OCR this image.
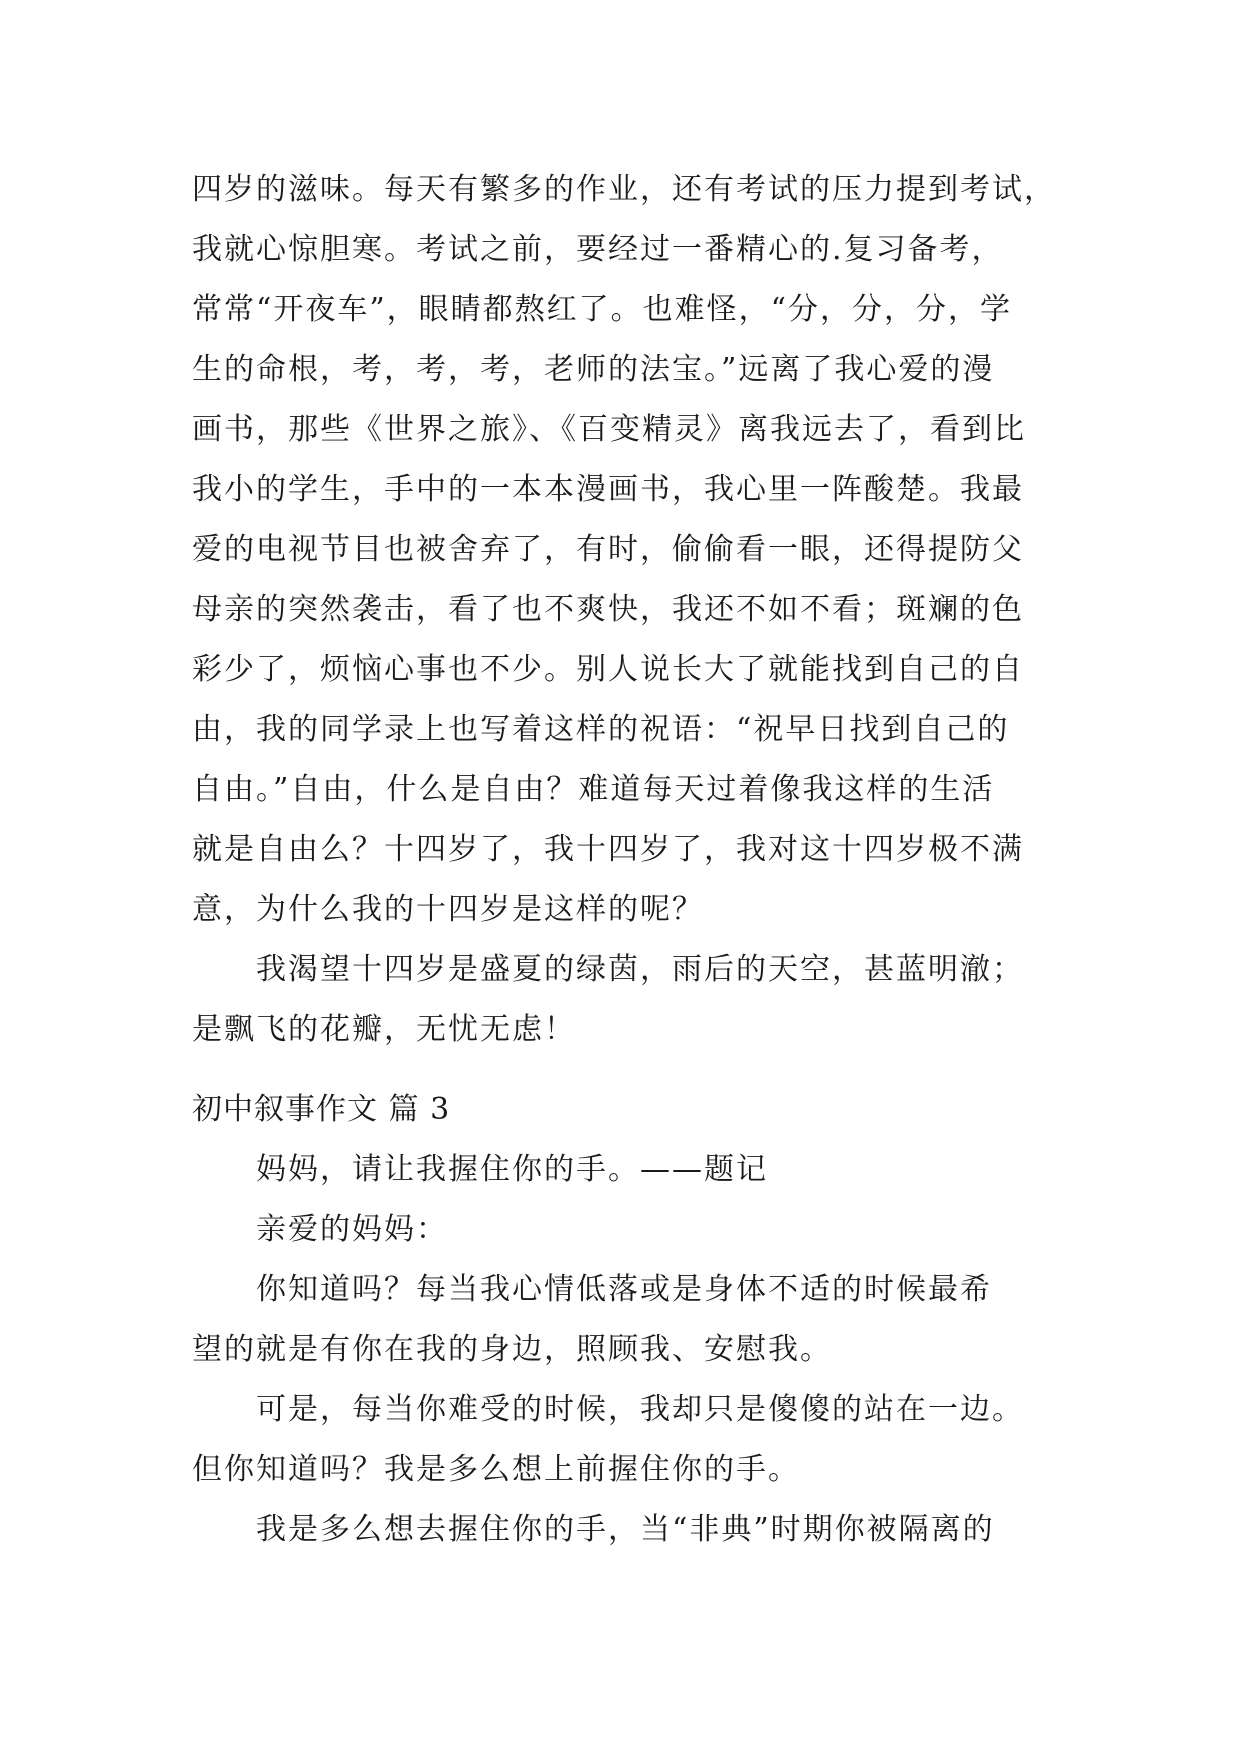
四岁的滋味。每天有繁多的作业，还有考试的压力提到考试，
我就心惊胆寒。考试之前，要经过一番精心的.复习备考，
常常“开夜车”，眼睛都熬红了。也难怪，“分，分，分，学
生的命根，考，考，考，老师的法宝。”远离了我心爱的漫
画书，那些《世界之旅》、《百变精灵》离我远去了，看到比
我小的学生，手中的一本本漫画书，我心里一阵酸楚。我最
爱的电视节目也被舍弃了，有时，偷偷看一眼，还得提防父
母亲的突然袭击，看了也不爽快，我还不如不看；斑斓的色
彩少了，烦恼心事也不少。别人说长大了就能找到自己的自
由，我的同学录上也写着这样的祝语：“祝早日找到自己的
自由。”自由，什么是自由？难道每天过着像我这样的生活
就是自由么？十四岁了，我十四岁了，我对这十四岁极不满
意，为什么我的十四岁是这样的呢？
　　我渴望十四岁是盛夏的绿茵，雨后的天空，甚蓝明澈；
是飘飞的花瓣，无忧无虑！
初中叙事作文 篇 3
　　妈妈，请让我握住你的手。——题记
　　亲爱的妈妈：
　　你知道吗？每当我心情低落或是身体不适的时候最希
望的就是有你在我的身边，照顾我、安慰我。
　　可是，每当你难受的时候，我却只是傻傻的站在一边。
但你知道吗？我是多么想上前握住你的手。
　　我是多么想去握住你的手，当“非典”时期你被隔离的
